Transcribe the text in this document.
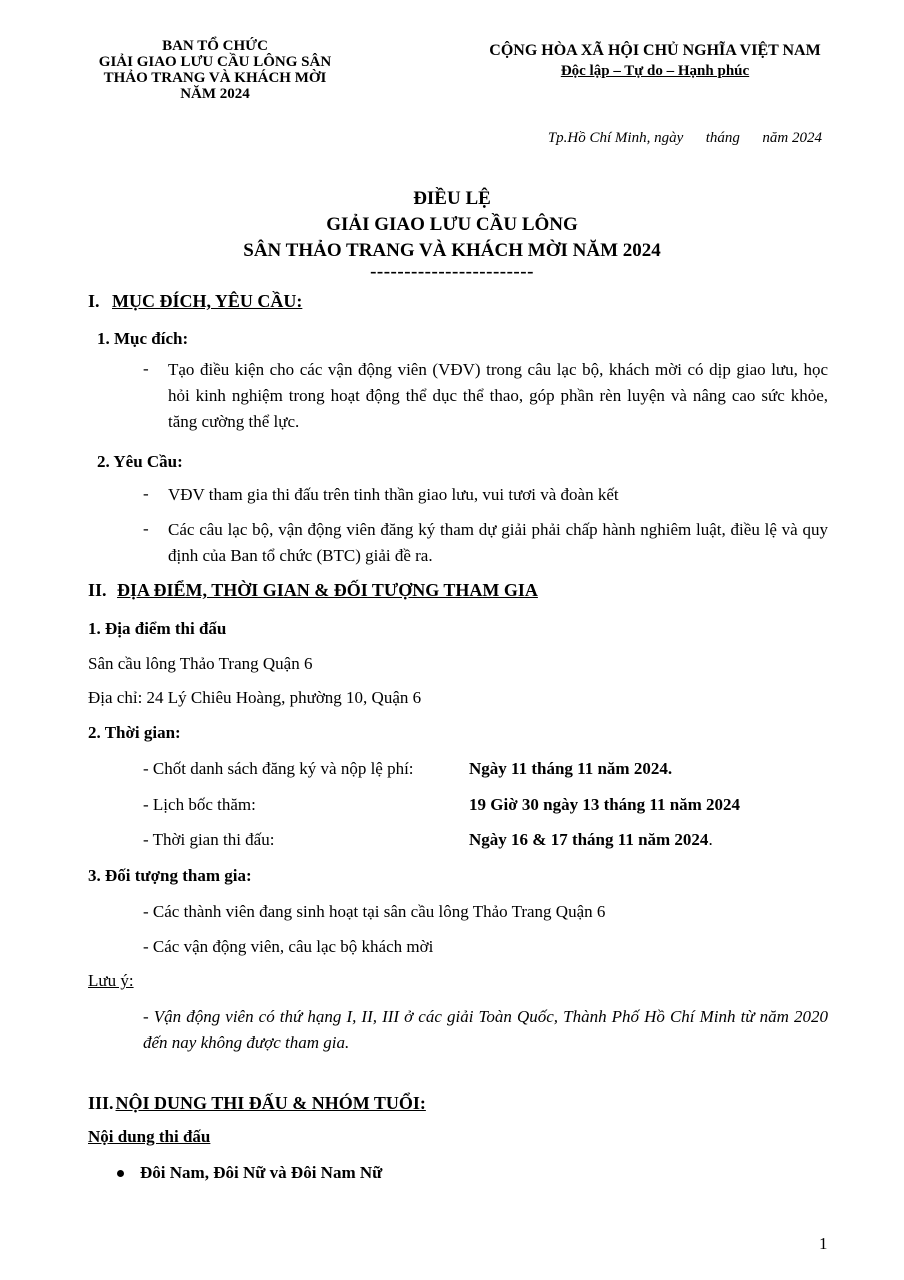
BAN TỔ CHỨC
GIẢI GIAO LƯU CẦU LÔNG SÂN
THẢO TRANG VÀ KHÁCH MỜI
NĂM 2024
CỘNG HÒA XÃ HỘI CHỦ NGHĨA VIỆT NAM
Độc lập – Tự do – Hạnh phúc
Tp.Hồ Chí Minh, ngày      tháng      năm 2024
ĐIỀU LỆ
GIẢI GIAO LƯU CẦU LÔNG
SÂN THẢO TRANG VÀ KHÁCH MỜI NĂM 2024
------------------------
I. MỤC ĐÍCH, YÊU CẦU:
1. Mục đích:
- Tạo điều kiện cho các vận động viên (VĐV) trong câu lạc bộ, khách mời có dịp giao lưu, học hỏi kinh nghiệm trong hoạt động thể dục thể thao, góp phần rèn luyện và nâng cao sức khỏe, tăng cường thể lực.
2. Yêu Cầu:
- VĐV tham gia thi đấu trên tinh thần giao lưu, vui tươi và đoàn kết
- Các câu lạc bộ, vận động viên đăng ký tham dự giải phải chấp hành nghiêm luật, điều lệ và quy định của Ban tổ chức (BTC) giải đề ra.
II. ĐỊA ĐIỂM, THỜI GIAN & ĐỐI TƯỢNG THAM GIA
1. Địa điểm thi đấu
Sân cầu lông Thảo Trang Quận 6
Địa chỉ: 24 Lý Chiêu Hoàng, phường 10, Quận 6
2. Thời gian:
- Chốt danh sách đăng ký và nộp lệ phí:	Ngày 11 tháng 11 năm 2024.
- Lịch bốc thăm:	19 Giờ 30 ngày 13 tháng 11 năm 2024
- Thời gian thi đấu:	Ngày 16 & 17 tháng 11 năm 2024.
3. Đối tượng tham gia:
- Các thành viên đang sinh hoạt tại sân cầu lông Thảo Trang Quận 6
- Các vận động viên, câu lạc bộ khách mời
Lưu ý:
- Vận động viên có thứ hạng I, II, III ở các giải Toàn Quốc, Thành Phố Hồ Chí Minh từ năm 2020 đến nay không được tham gia.
III. NỘI DUNG THI ĐẤU & NHÓM TUỔI:
Nội dung thi đấu
Đôi Nam, Đôi Nữ và Đôi Nam Nữ
1
